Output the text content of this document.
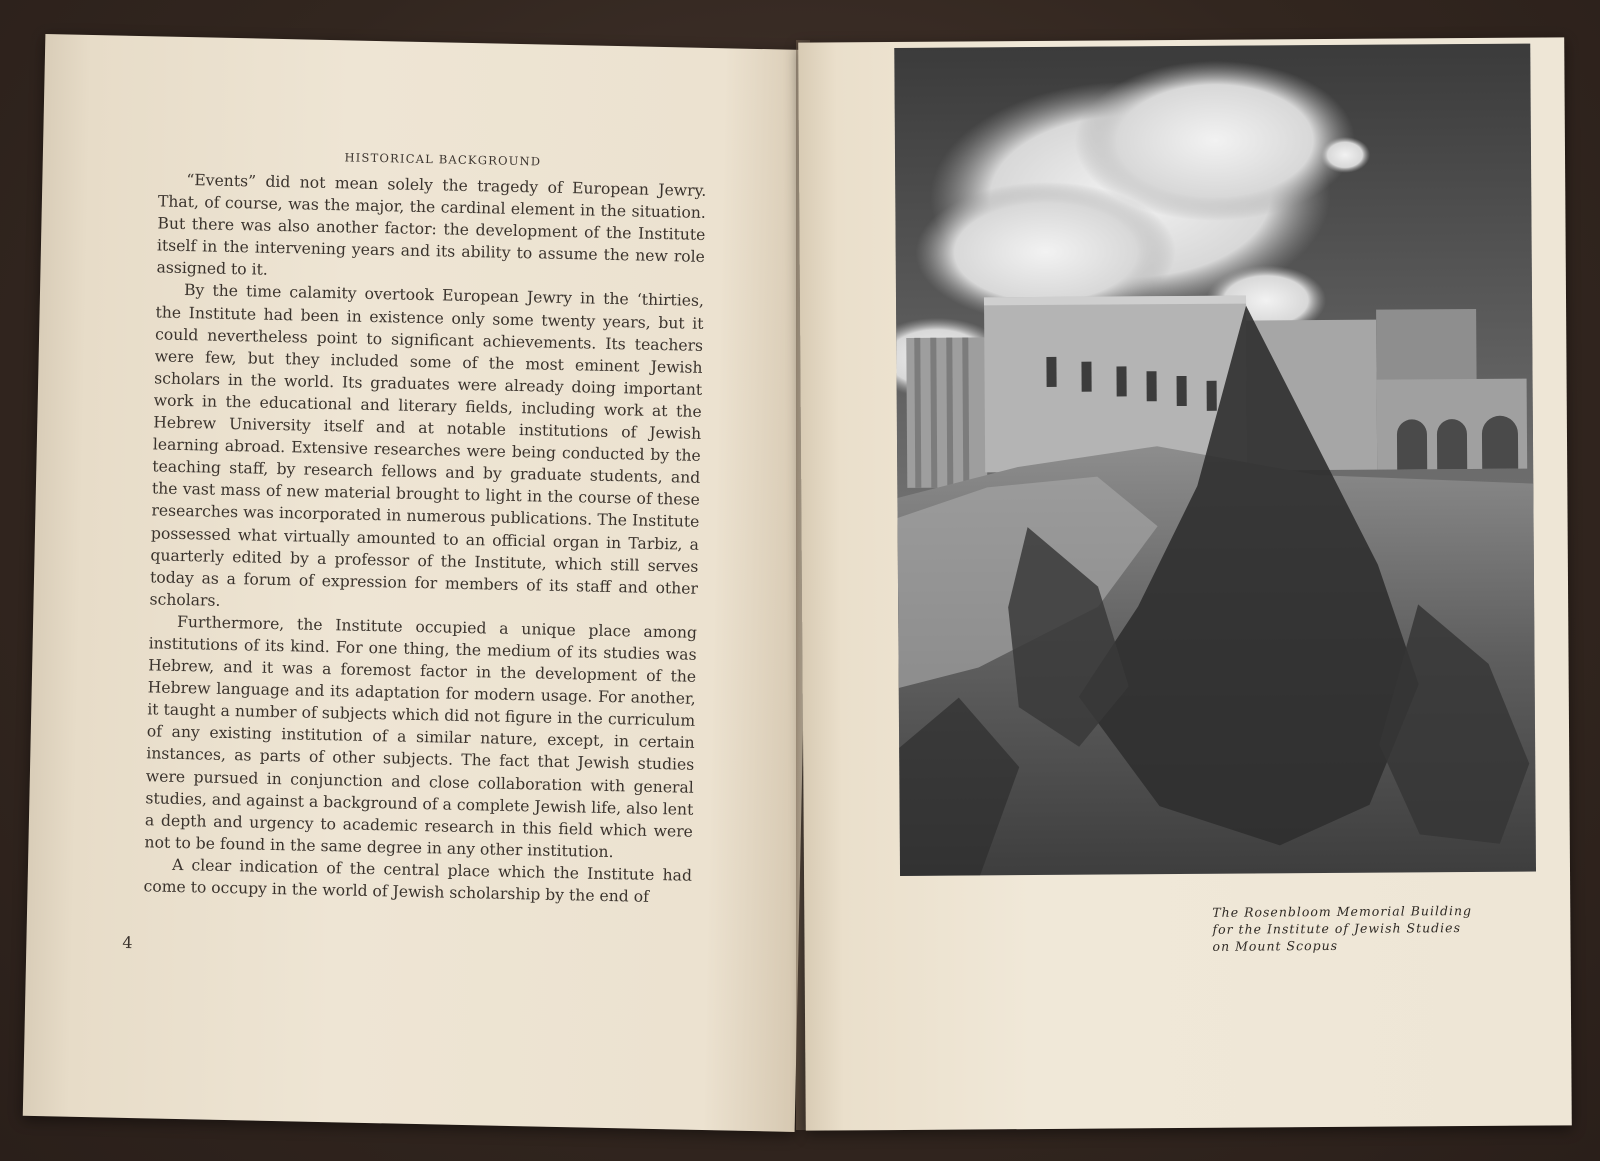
HISTORICAL BACKGROUND

“Events” did not mean solely the tragedy of European Jewry. That, of course, was the major, the cardinal element in the situation. But there was also another factor: the development of the Institute itself in the intervening years and its ability to assume the new role assigned to it.

By the time calamity overtook European Jewry in the ‘thirties, the Institute had been in existence only some twenty years, but it could nevertheless point to significant achievements. Its teachers were few, but they included some of the most eminent Jewish scholars in the world. Its graduates were already doing important work in the educational and literary fields, including work at the Hebrew University itself and at notable institutions of Jewish learning abroad. Extensive researches were being conducted by the teaching staff, by research fellows and by graduate students, and the vast mass of new material brought to light in the course of these researches was incorporated in numerous publications. The Institute possessed what virtually amounted to an official organ in Tarbiz, a quarterly edited by a professor of the Institute, which still serves today as a forum of expression for members of its staff and other scholars.

Furthermore, the Institute occupied a unique place among institutions of its kind. For one thing, the medium of its studies was Hebrew, and it was a foremost factor in the development of the Hebrew language and its adaptation for modern usage. For another, it taught a number of subjects which did not figure in the curriculum of any existing institution of a similar nature, except, in certain instances, as parts of other subjects. The fact that Jewish studies were pursued in conjunction and close collaboration with general studies, and against a background of a complete Jewish life, also lent a depth and urgency to academic research in this field which were not to be found in the same degree in any other institution.

A clear indication of the central place which the Institute had come to occupy in the world of Jewish scholarship by the end of

4
The Rosenbloom Memorial Building
for the Institute of Jewish Studies
on Mount Scopus
